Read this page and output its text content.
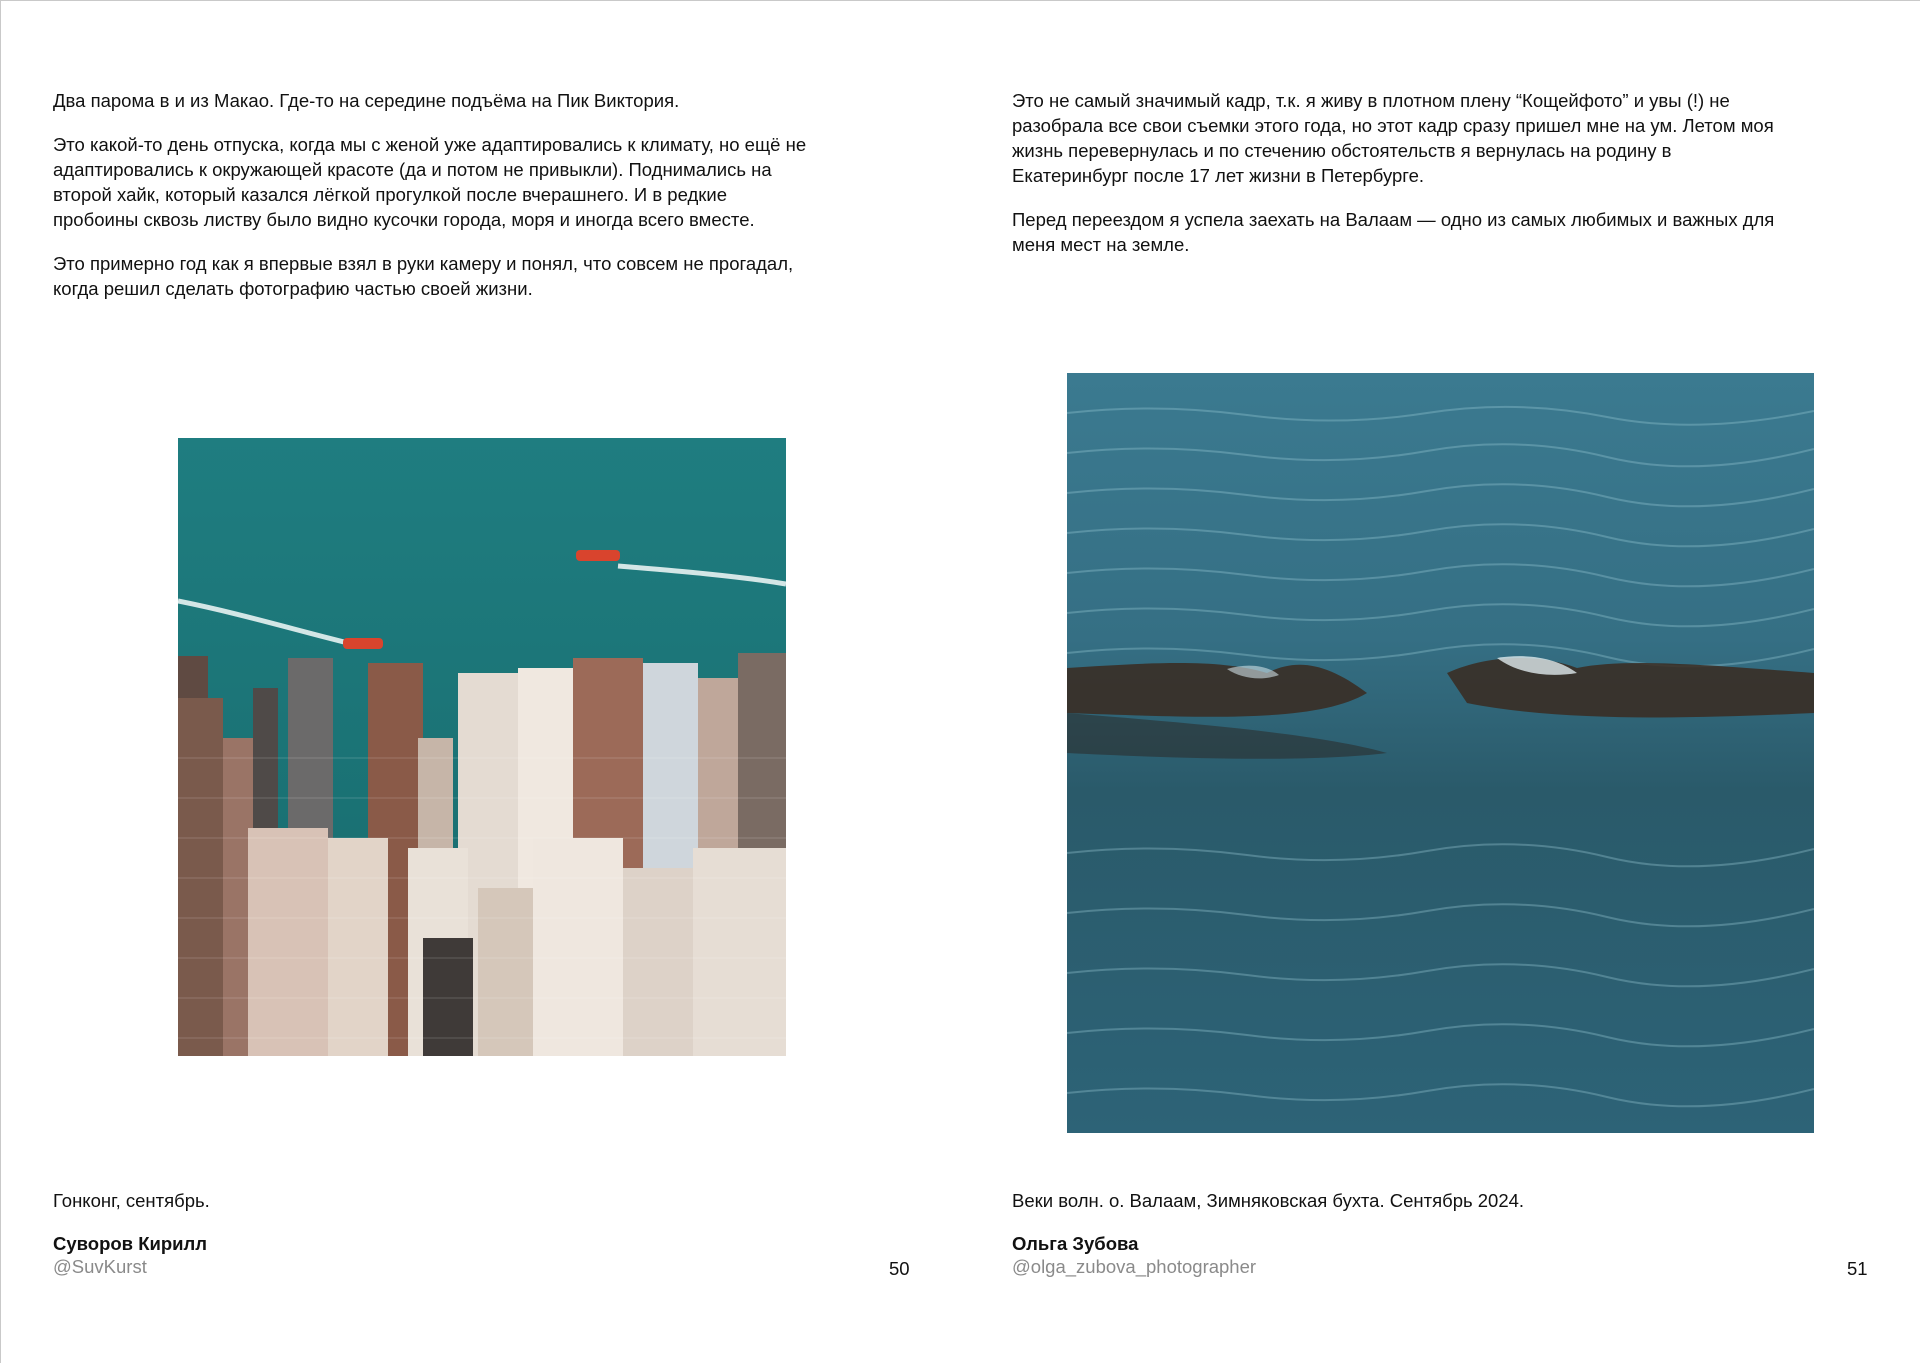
Два парома в и из Макао. Где-то на середине подъёма на Пик Виктория.

Это какой-то день отпуска, когда мы с женой уже адаптировались к климату, но ещё не адаптировались к окружающей красоте (да и потом не привыкли). Поднимались на второй хайк, который казался лёгкой прогулкой после вчерашнего. И в редкие пробоины сквозь листву было видно кусочки города, моря и иногда всего вместе.

Это примерно год как я впервые взял в руки камеру и понял, что совсем не прогадал, когда решил сделать фотографию частью своей жизни.

Гонконг, сентябрь.
Суворов Кирилл
@SuvKurst	50

Это не самый значимый кадр, т.к. я живу в плотном плену “Кощейфото” и увы (!) не разобрала все свои съемки этого года, но этот кадр сразу пришел мне на ум. Летом моя жизнь перевернулась и по стечению обстоятельств я вернулась на родину в Екатеринбург после 17 лет жизни в Петербурге.

Перед переездом я успела заехать на Валаам — одно из самых любимых и важных для меня мест на земле.

Веки волн. о. Валаам, Зимняковская бухта. Сентябрь 2024.
Ольга Зубова
@olga_zubova_photographer	51
